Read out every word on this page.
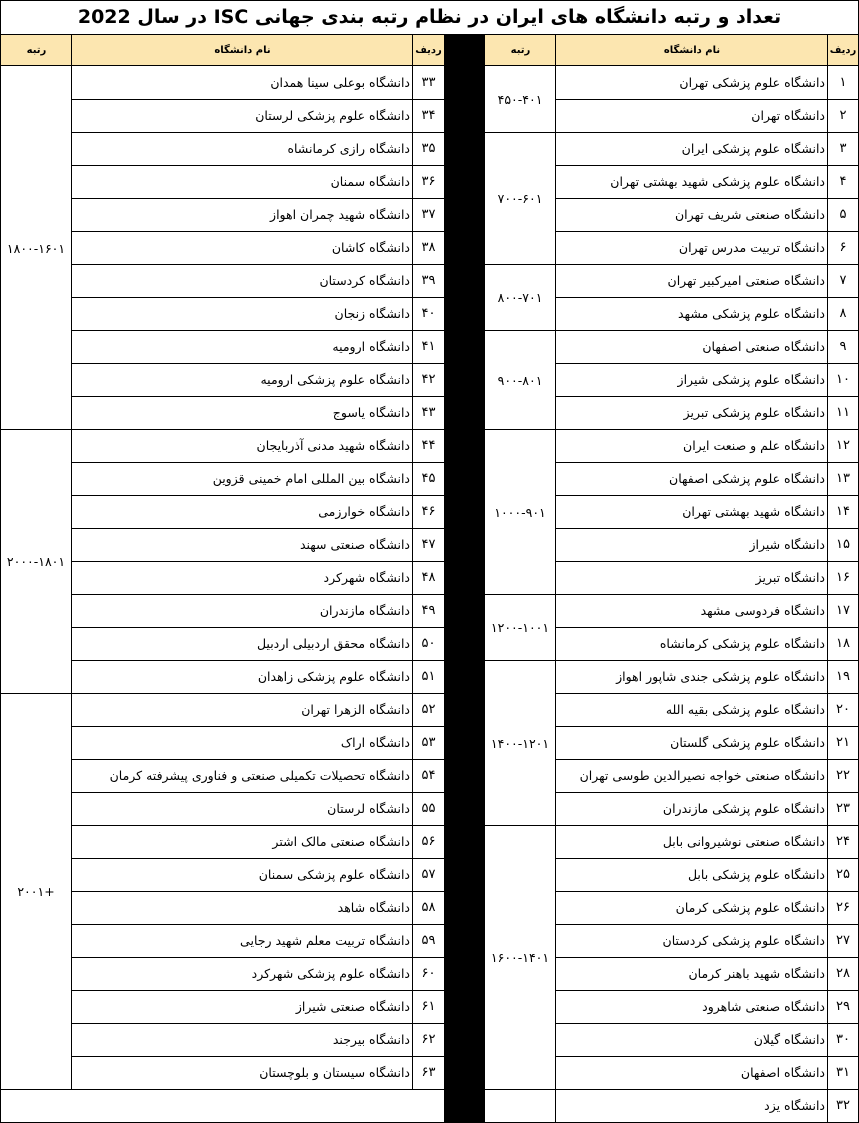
تعداد و رتبه دانشگاه های ایران در نظام رتبه بندی جهانی ISC در سال 2022
ردیف
نام دانشگاه
رتبه
ردیف
نام دانشگاه
رتبه
۱
دانشگاه علوم پزشکی تهران
۲
دانشگاه تهران
۳
دانشگاه علوم پزشکی ایران
۴
دانشگاه علوم پزشکی شهید بهشتی تهران
۵
دانشگاه صنعتی شریف تهران
۶
دانشگاه تربیت مدرس تهران
۷
دانشگاه صنعتی امیرکبیر تهران
۸
دانشگاه علوم پزشکی مشهد
۹
دانشگاه صنعتی اصفهان
۱۰
دانشگاه علوم پزشکی شیراز
۱۱
دانشگاه علوم پزشکی تبریز
۱۲
دانشگاه علم و صنعت ایران
۱۳
دانشگاه علوم پزشکی اصفهان
۱۴
دانشگاه شهید بهشتی تهران
۱۵
دانشگاه شیراز
۱۶
دانشگاه تبریز
۱۷
دانشگاه فردوسی مشهد
۱۸
دانشگاه علوم پزشکی کرمانشاه
۱۹
دانشگاه علوم پزشکی جندی شاپور اهواز
۲۰
دانشگاه علوم پزشکی بقیه الله
۲۱
دانشگاه علوم پزشکی گلستان
۲۲
دانشگاه صنعتی خواجه نصیرالدین طوسی تهران
۲۳
دانشگاه علوم پزشکی مازندران
۲۴
دانشگاه صنعتی نوشیروانی بابل
۲۵
دانشگاه علوم پزشکی بابل
۲۶
دانشگاه علوم پزشکی کرمان
۲۷
دانشگاه علوم پزشکی کردستان
۲۸
دانشگاه شهید باهنر کرمان
۲۹
دانشگاه صنعتی شاهرود
۳۰
دانشگاه گیلان
۳۱
دانشگاه اصفهان
۳۲
دانشگاه یزد
۳۳
دانشگاه بوعلی سینا همدان
۳۴
دانشگاه علوم پزشکی لرستان
۳۵
دانشگاه رازی کرمانشاه
۳۶
دانشگاه سمنان
۳۷
دانشگاه شهید چمران اهواز
۳۸
دانشگاه کاشان
۳۹
دانشگاه کردستان
۴۰
دانشگاه زنجان
۴۱
دانشگاه ارومیه
۴۲
دانشگاه علوم پزشکی ارومیه
۴۳
دانشگاه یاسوج
۴۴
دانشگاه شهید مدنی آذربایجان
۴۵
دانشگاه بین المللی امام خمینی قزوین
۴۶
دانشگاه خوارزمی
۴۷
دانشگاه صنعتی سهند
۴۸
دانشگاه شهرکرد
۴۹
دانشگاه مازندران
۵۰
دانشگاه محقق اردبیلی اردبیل
۵۱
دانشگاه علوم پزشکی زاهدان
۵۲
دانشگاه الزهرا تهران
۵۳
دانشگاه اراک
۵۴
دانشگاه تحصیلات تکمیلی صنعتی و فناوری پیشرفته کرمان
۵۵
دانشگاه لرستان
۵۶
دانشگاه صنعتی مالک اشتر
۵۷
دانشگاه علوم پزشکی سمنان
۵۸
دانشگاه شاهد
۵۹
دانشگاه تربیت معلم شهید رجایی
۶۰
دانشگاه علوم پزشکی شهرکرد
۶۱
دانشگاه صنعتی شیراز
۶۲
دانشگاه بیرجند
۶۳
دانشگاه سیستان و بلوچستان
۴۵۰-۴۰۱
۷۰۰-۶۰۱
۸۰۰-۷۰۱
۹۰۰-۸۰۱
۱۰۰۰-۹۰۱
۱۲۰۰-۱۰۰۱
۱۴۰۰-۱۲۰۱
۱۶۰۰-۱۴۰۱
۱۸۰۰-۱۶۰۱
۲۰۰۰-۱۸۰۱
+۲۰۰۱
